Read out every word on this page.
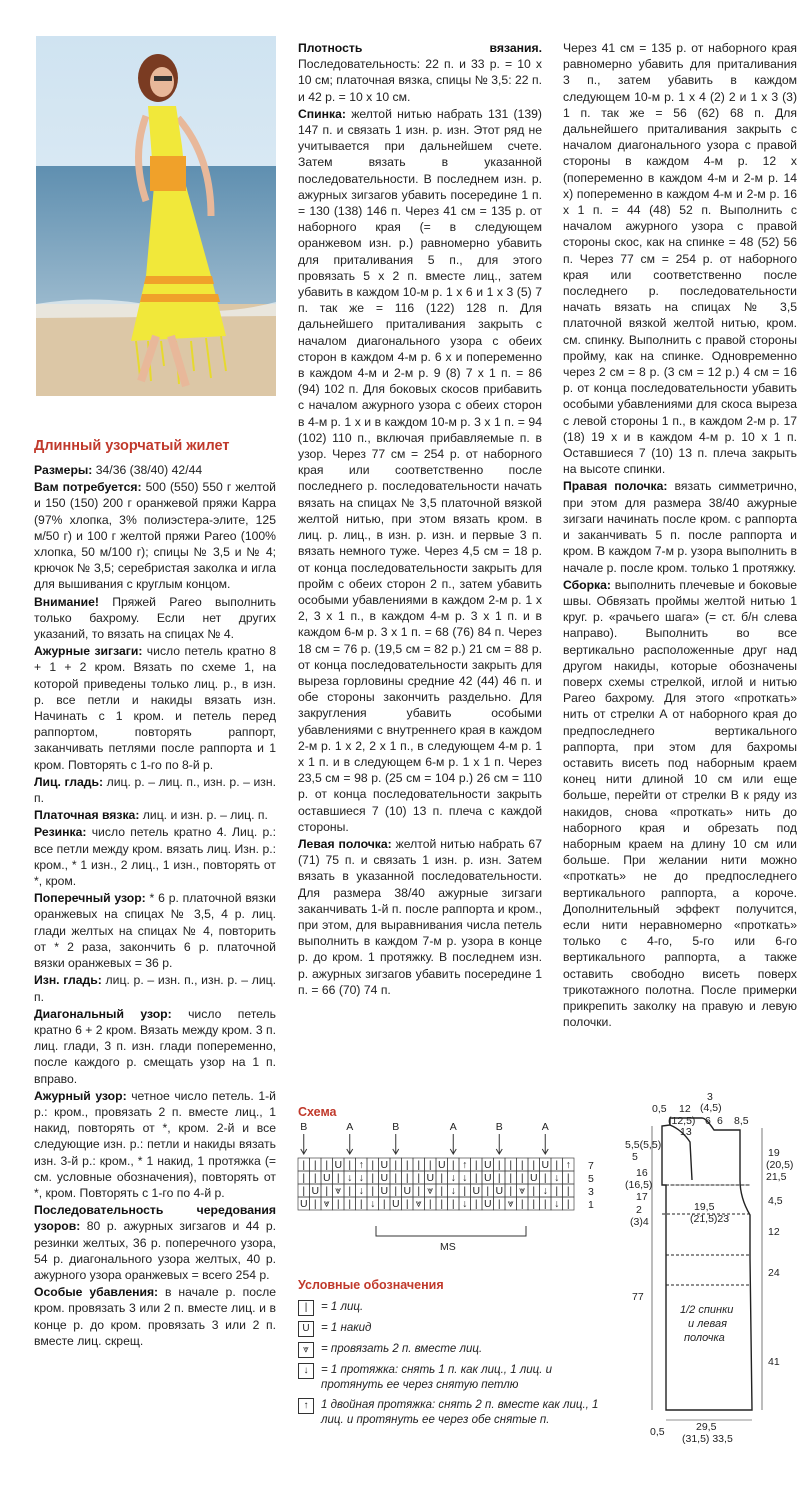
Длинный узорчатый жилет

Размеры: 34/36 (38/40) 42/44

Вам потребуется: 500 (550) 550 г желтой и 150 (150) 200 г оранжевой пряжи Карра (97% хлопка, 3% полиэстера-элите, 125 м/50 г) и 100 г желтой пряжи Pareo (100% хлопка, 50 м/100 г); спицы № 3,5 и № 4; крючок № 3,5; серебристая заколка и игла для вышивания с круглым концом.

Внимание! Пряжей Pareo выполнить только бахрому. Если нет других указаний, то вязать на спицах № 4.

Ажурные зигзаги: число петель кратно 8 + 1 + 2 кром. Вязать по схеме 1, на которой приведены только лиц. р., в изн. р. все петли и накиды вязать изн. Начинать с 1 кром. и петель перед раппортом, повторять раппорт, заканчивать петлями после раппорта и 1 кром. Повторять с 1-го по 8-й р.

Лиц. гладь: лиц. р. – лиц. п., изн. р. – изн. п.

Платочная вязка: лиц. и изн. р. – лиц. п.

Резинка: число петель кратно 4. Лиц. р.: все петли между кром. вязать лиц. Изн. р.: кром., * 1 изн., 2 лиц., 1 изн., повторять от *, кром.

Поперечный узор: * 6 р. платочной вязки оранжевых на спицах № 3,5, 4 р. лиц. глади желтых на спицах № 4, повторить от * 2 раза, закончить 6 р. платочной вязки оранжевых = 36 р.

Изн. гладь: лиц. р. – изн. п., изн. р. – лиц. п.

Диагональный узор: число петель кратно 6 + 2 кром. Вязать между кром. 3 п. лиц. глади, 3 п. изн. глади попеременно, после каждого р. смещать узор на 1 п. вправо.

Ажурный узор: четное число петель. 1-й р.: кром., провязать 2 п. вместе лиц., 1 накид, повторять от *, кром. 2-й и все следующие изн. р.: петли и накиды вязать изн. 3-й р.: кром., * 1 накид, 1 протяжка (= см. условные обозначения), повторять от *, кром. Повторять с 1-го по 4-й р.

Последовательность чередования узоров: 80 р. ажурных зигзагов и 44 р. резинки желтых, 36 р. поперечного узора, 54 р. диагонального узора желтых, 40 р. ажурного узора оранжевых = всего 254 р.

Особые убавления: в начале р. после кром. провязать 3 или 2 п. вместе лиц. и в конце р. до кром. провязать 3 или 2 п. вместе лиц. скрещ.

Плотность вязания. Последовательность: 22 п. и 33 р. = 10 х 10 см; платочная вязка, спицы № 3,5: 22 п. и 42 р. = 10 х 10 см.

Спинка: желтой нитью набрать 131 (139) 147 п. и связать 1 изн. р. изн. Этот ряд не учитывается при дальнейшем счете. Затем вязать в указанной последовательности. В последнем изн. р. ажурных зигзагов убавить посередине 1 п. = 130 (138) 146 п. Через 41 см = 135 р. от наборного края (= в следующем оранжевом изн. р.) равномерно убавить для приталивания 5 п., для этого провязать 5 х 2 п. вместе лиц., затем убавить в каждом 10-м р. 1 х 6 и 1 х 3 (5) 7 п. так же = 116 (122) 128 п. Для дальнейшего приталивания закрыть с началом диагонального узора с обеих сторон в каждом 4-м р. 6 х и попеременно в каждом 4-м и 2-м р. 9 (8) 7 х 1 п. = 86 (94) 102 п. Для боковых скосов прибавить с началом ажурного узора с обеих сторон в 4-м р. 1 х и в каждом 10-м р. 3 х 1 п. = 94 (102) 110 п., включая прибавляемые п. в узор. Через 77 см = 254 р. от наборного края или соответственно после последнего р. последовательности начать вязать на спицах № 3,5 платочной вязкой желтой нитью, при этом вязать кром. в лиц. р. лиц., в изн. р. изн. и первые 3 п. вязать немного туже. Через 4,5 см = 18 р. от конца последовательности закрыть для пройм с обеих сторон 2 п., затем убавить особыми убавлениями в каждом 2-м р. 1 х 2, 3 х 1 п., в каждом 4-м р. 3 х 1 п. и в каждом 6-м р. 3 х 1 п. = 68 (76) 84 п. Через 18 см = 76 р. (19,5 см = 82 р.) 21 см = 88 р. от конца последовательности закрыть для выреза горловины средние 42 (44) 46 п. и обе стороны закончить раздельно. Для закругления убавить особыми убавлениями с внутреннего края в каждом 2-м р. 1 х 2, 2 х 1 п., в следующем 4-м р. 1 х 1 п. и в следующем 6-м р. 1 х 1 п. Через 23,5 см = 98 р. (25 см = 104 р.) 26 см = 110 р. от конца последовательности закрыть оставшиеся 7 (10) 13 п. плеча с каждой стороны.

Левая полочка: желтой нитью набрать 67 (71) 75 п. и связать 1 изн. р. изн. Затем вязать в указанной последовательности. Для размера 38/40 ажурные зигзаги заканчивать 1-й п. после раппорта и кром., при этом, для выравнивания числа петель выполнить в каждом 7-м р. узора в конце р. до кром. 1 протяжку. В последнем изн. р. ажурных зигзагов убавить посередине 1 п. = 66 (70) 74 п.

Через 41 см = 135 р. от наборного края равномерно убавить для приталивания 3 п., затем убавить в каждом следующем 10-м р. 1 х 4 (2) 2 и 1 х 3 (3) 1 п. так же = 56 (62) 68 п. Для дальнейшего приталивания закрыть с началом диагонального узора с правой стороны в каждом 4-м р. 12 х (попеременно в каждом 4-м и 2-м р. 14 х) попеременно в каждом 4-м и 2-м р. 16 х 1 п. = 44 (48) 52 п. Выполнить с началом ажурного узора с правой стороны скос, как на спинке = 48 (52) 56 п. Через 77 см = 254 р. от наборного края или соответственно после последнего р. последовательности начать вязать на спицах № 3,5 платочной вязкой желтой нитью, кром. см. спинку. Выполнить с правой стороны пройму, как на спинке. Одновременно через 2 см = 8 р. (3 см = 12 р.) 4 см = 16 р. от конца последовательности убавить особыми убавлениями для скоса выреза с левой стороны 1 п., в каждом 2-м р. 17 (18) 19 х и в каждом 4-м р. 10 х 1 п. Оставшиеся 7 (10) 13 п. плеча закрыть на высоте спинки.

Правая полочка: вязать симметрично, при этом для размера 38/40 ажурные зигзаги начинать после кром. с раппорта и заканчивать 5 п. после раппорта и кром. В каждом 7-м р. узора выполнить в начале р. после кром. только 1 протяжку.

Сборка: выполнить плечевые и боковые швы. Обвязать проймы желтой нитью 1 круг. р. «рачьего шага» (= ст. б/н слева направо). Выполнить во все вертикально расположенные друг над другом накиды, которые обозначены поверх схемы стрелкой, иглой и нитью Pareo бахрому. Для этого «проткать» нить от стрелки А от наборного края до предпоследнего вертикального раппорта, при этом для бахромы оставить висеть под наборным краем конец нити длиной 10 см или еще больше, перейти от стрелки В к ряду из накидов, снова «проткать» нить до наборного края и обрезать под наборным краем на длину 10 см или больше. При желании нити можно «проткать» не до предпоследнего вертикального раппорта, а короче. Дополнительный эффект получится, если нити неравномерно «проткать» только с 4-го, 5-го или 6-го вертикального раппорта, а также оставить свободно висеть поверх трикотажного полотна. После примерки прикрепить заколку на правую и левую полочки.

Схема
B	A	B	A	B	A
| | | U | ↑ | U | | | | U | ↑ | U | | | | U | ↑
| | U | ↓ ↓ | U | | | U | ↓ ↓ | U | | | U | ↓ |
| U | ⩔ | ↓ | U | U | ⩔ | ↓ | U | U | ⩔ | ↓ | |
U | ⩔ | | | ↓ | U | ⩔ | | | ↓ | U | ⩔ | | | ↓ |
7
5
3
1
MS
Условные обозначения
|	= 1 лиц.
U = 1 накид
⩔	= провязать 2 п. вместе лиц.
↓	= 1 протяжка: снять 1 п. как лиц., 1 лиц. и протянуть ее через снятую петлю
↑	1 двойная протяжка: снять 2 п. вместе как лиц., 1 лиц. и протянуть ее через обе снятые п.
3
(4,5)
0,5 12
(12,5) 6
13
6 8,5
5,5(5,5)
5
16
(16,5)
17
2
(3)4
77
0,5
19
(20,5)
21,5
4,5
12
24
41
19,5
(21,5)23
29,5
(31,5) 33,5
1/2 спинки
и левая
полочка
